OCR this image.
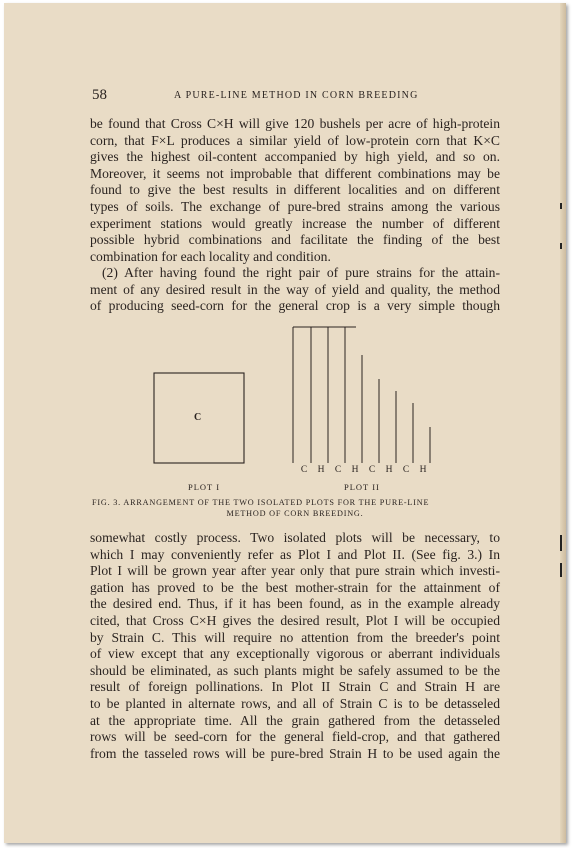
58	A PURE-LINE METHOD IN CORN BREEDING
be found that Cross C×H will give 120 bushels per acre of high-protein
corn, that F×L produces a similar yield of low-protein corn that K×C
gives the highest oil-content accompanied by high yield, and so on.
Moreover, it seems not improbable that different combinations may be
found to give the best results in different localities and on different
types of soils. The exchange of pure-bred strains among the various
experiment stations would greatly increase the number of different
possible hybrid combinations and facilitate the finding of the best
combination for each locality and condition.
(2) After having found the right pair of pure strains for the attain-
ment of any desired result in the way of yield and quality, the method
of producing seed-corn for the general crop is a very simple though
C
C	H	C	H	C	H	C	H
PLOT I	PLOT II
FIG. 3. ARRANGEMENT OF THE TWO ISOLATED PLOTS FOR THE PURE-LINE
METHOD OF CORN BREEDING.
somewhat costly process. Two isolated plots will be necessary, to
which I may conveniently refer as Plot I and Plot II. (See fig. 3.) In
Plot I will be grown year after year only that pure strain which investi-
gation has proved to be the best mother-strain for the attainment of
the desired end. Thus, if it has been found, as in the example already
cited, that Cross C×H gives the desired result, Plot I will be occupied
by Strain C. This will require no attention from the breeder's point
of view except that any exceptionally vigorous or aberrant individuals
should be eliminated, as such plants might be safely assumed to be the
result of foreign pollinations. In Plot II Strain C and Strain H are
to be planted in alternate rows, and all of Strain C is to be detasseled
at the appropriate time. All the grain gathered from the detasseled
rows will be seed-corn for the general field-crop, and that gathered
from the tasseled rows will be pure-bred Strain H to be used again the
